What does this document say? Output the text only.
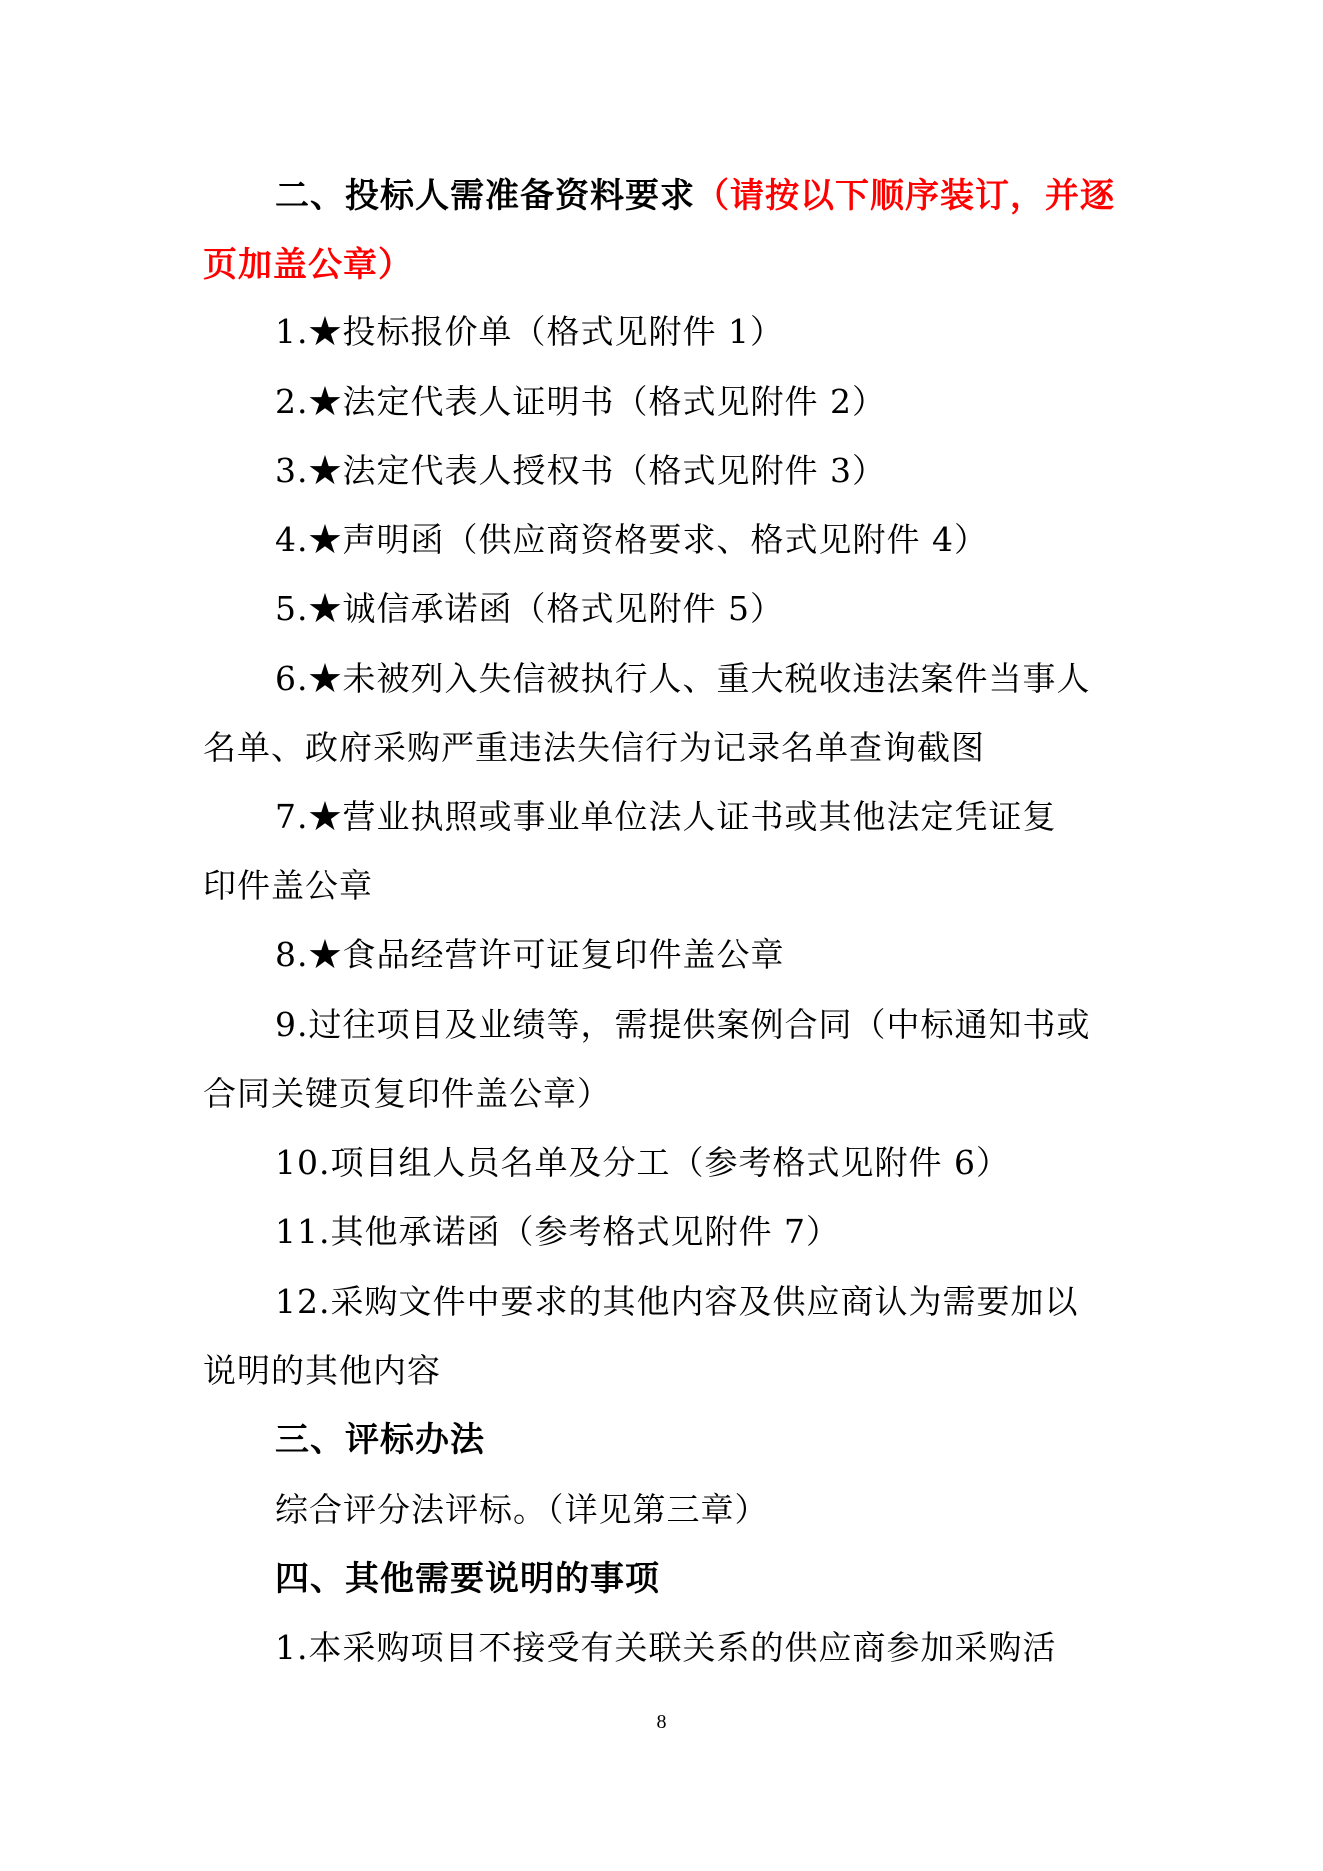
二、投标人需准备资料要求（请按以下顺序装订，并逐
页加盖公章）
1.★投标报价单（格式见附件 1）
2.★法定代表人证明书（格式见附件 2）
3.★法定代表人授权书（格式见附件 3）
4.★声明函（供应商资格要求、格式见附件 4）
5.★诚信承诺函（格式见附件 5）
6.★未被列入失信被执行人、重大税收违法案件当事人
名单、政府采购严重违法失信行为记录名单查询截图
7.★营业执照或事业单位法人证书或其他法定凭证复
印件盖公章
8.★食品经营许可证复印件盖公章
9.过往项目及业绩等，需提供案例合同（中标通知书或
合同关键页复印件盖公章）
10.项目组人员名单及分工（参考格式见附件 6）
11.其他承诺函（参考格式见附件 7）
12.采购文件中要求的其他内容及供应商认为需要加以
说明的其他内容
三、评标办法
综合评分法评标。（详见第三章）
四、其他需要说明的事项
1.本采购项目不接受有关联关系的供应商参加采购活
8
